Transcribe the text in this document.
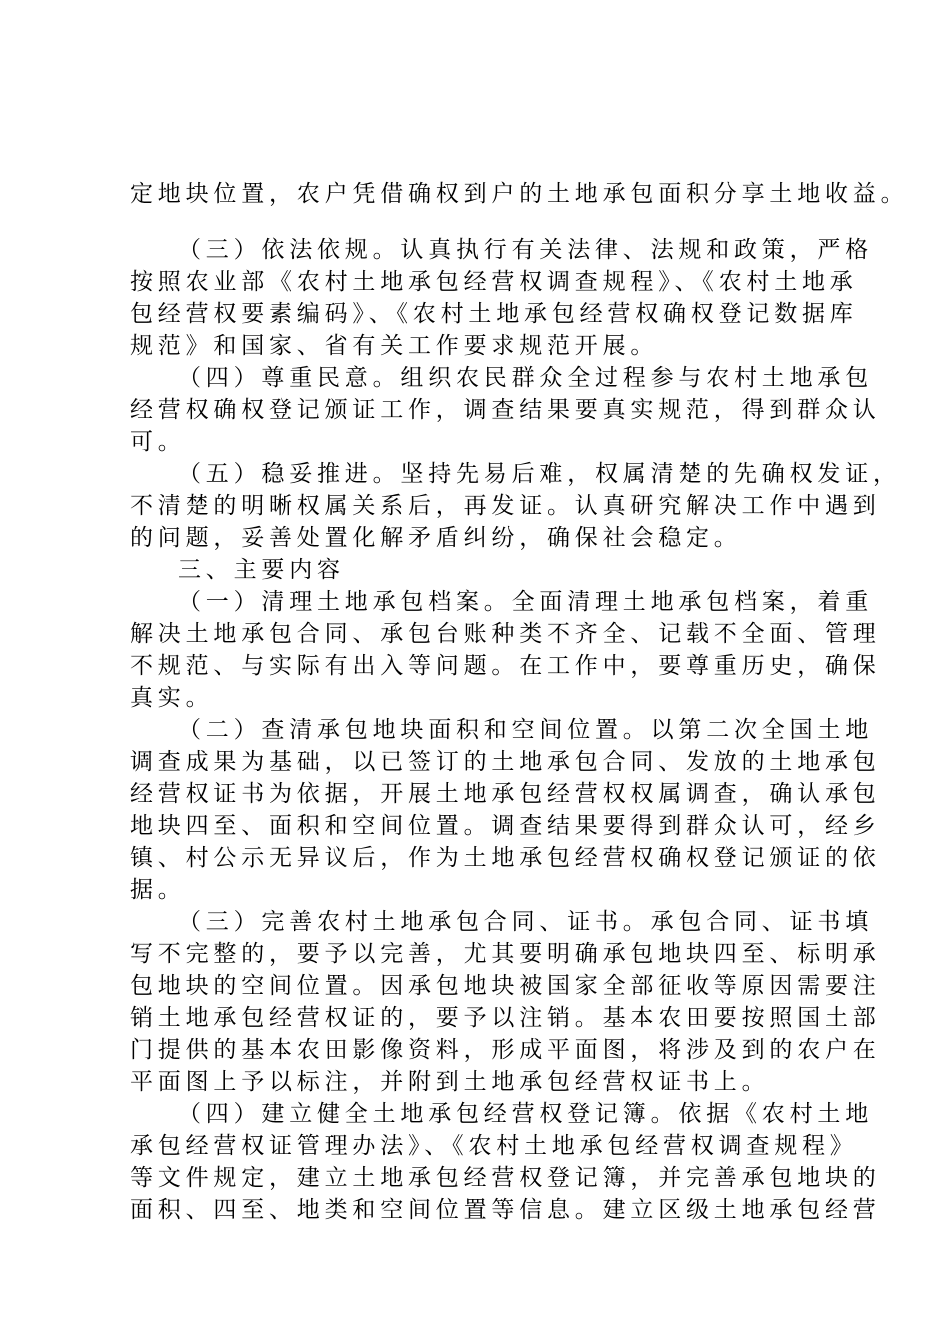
定地块位置，农户凭借确权到户的土地承包面积分享土地收益。
（三）依法依规。认真执行有关法律、法规和政策，严格
按照农业部《农村土地承包经营权调查规程》、《农村土地承
包经营权要素编码》、《农村土地承包经营权确权登记数据库
规范》和国家、省有关工作要求规范开展。
（四）尊重民意。组织农民群众全过程参与农村土地承包
经营权确权登记颁证工作，调查结果要真实规范，得到群众认
可。
（五）稳妥推进。坚持先易后难，权属清楚的先确权发证，
不清楚的明晰权属关系后，再发证。认真研究解决工作中遇到
的问题，妥善处置化解矛盾纠纷，确保社会稳定。
三、主要内容
（一）清理土地承包档案。全面清理土地承包档案，着重
解决土地承包合同、承包台账种类不齐全、记载不全面、管理
不规范、与实际有出入等问题。在工作中，要尊重历史，确保
真实。
（二）查清承包地块面积和空间位置。以第二次全国土地
调查成果为基础，以已签订的土地承包合同、发放的土地承包
经营权证书为依据，开展土地承包经营权权属调查，确认承包
地块四至、面积和空间位置。调查结果要得到群众认可，经乡
镇、村公示无异议后，作为土地承包经营权确权登记颁证的依
据。
（三）完善农村土地承包合同、证书。承包合同、证书填
写不完整的，要予以完善，尤其要明确承包地块四至、标明承
包地块的空间位置。因承包地块被国家全部征收等原因需要注
销土地承包经营权证的，要予以注销。基本农田要按照国土部
门提供的基本农田影像资料，形成平面图，将涉及到的农户在
平面图上予以标注，并附到土地承包经营权证书上。
（四）建立健全土地承包经营权登记簿。依据《农村土地
承包经营权证管理办法》、《农村土地承包经营权调查规程》
等文件规定，建立土地承包经营权登记簿，并完善承包地块的
面积、四至、地类和空间位置等信息。建立区级土地承包经营
